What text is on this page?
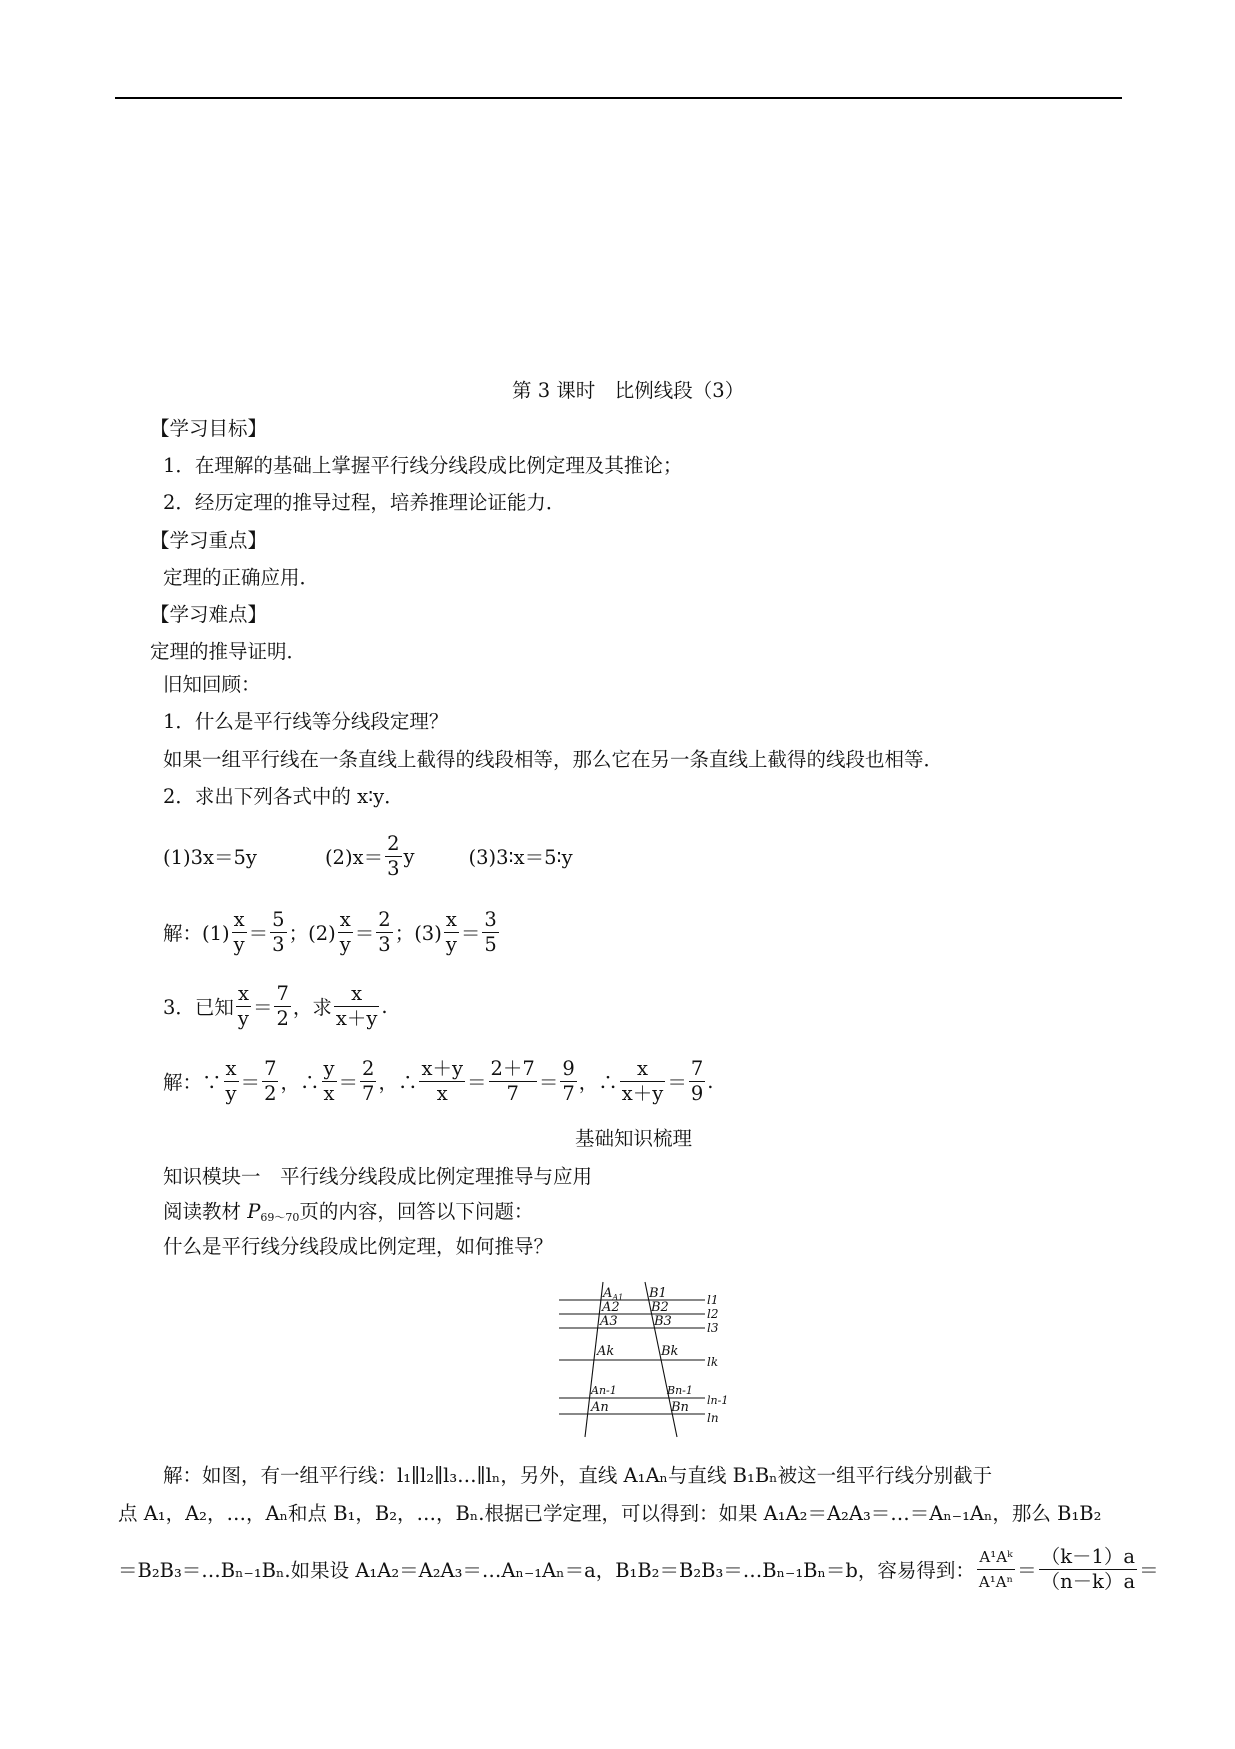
第 3 课时　比例线段（3）
【学习目标】
1．在理解的基础上掌握平行线分线段成比例定理及其推论；
2．经历定理的推导过程，培养推理论证能力．
【学习重点】
定理的正确应用．
【学习难点】
定理的推导证明．
旧知回顾：
1．什么是平行线等分线段定理？
如果一组平行线在一条直线上截得的线段相等，那么它在另一条直线上截得的线段也相等．
2．求出下列各式中的 x∶y．
(1)3x＝5y	$(2)x= \frac{2}{3}$ y	(3)3∶x＝5∶y
解：$(1) \frac{x}{y} = \frac{5}{3}$ ；$(2) \frac{x}{y} = \frac{2}{3}$ ；$(3) \frac{x}{y} = \frac{3}{5}$
3．已知 $\frac{x}{y} = \frac{7}{2}$ ，求 $\frac{x}{x+y}$ .
解：∵ $\frac{x}{y} = \frac{7}{2}$ ，∴ $\frac{y}{x} = \frac{2}{7}$ ，∴ $\frac{x+y}{x} = \frac{2+7}{7} = \frac{9}{7}$ ，∴ $\frac{x}{x+y} = \frac{7}{9}$ .
基础知识梳理
知识模块一　平行线分线段成比例定理推导与应用
阅读教材 $P_{69\sim 70}$页的内容，回答以下问题：
什么是平行线分线段成比例定理，如何推导？
$A_{A1}$
A2
A3
Ak
An-1
An
B1
B2
B3
Bk
Bn-1
Bn
l1
l2
l3
lk
ln-1
ln
解：如图，有一组平行线：l₁∥l₂∥l₃…∥lₙ，另外，直线 A₁Aₙ与直线 B₁Bₙ被这一组平行线分别截于
点 A₁，A₂，…，Aₙ和点 B₁，B₂，…，Bₙ.根据已学定理，可以得到：如果 A₁A₂＝A₂A₃＝…＝Aₙ₋₁Aₙ，那么 B₁B₂
＝B₂B₃＝…Bₙ₋₁Bₙ.如果设 A₁A₂＝A₂A₃＝…Aₙ₋₁Aₙ＝a，B₁B₂＝B₂B₃＝…Bₙ₋₁Bₙ＝b，容易得到： $\frac{\text{A¹Aᵏ}}{\text{A¹Aⁿ}} = \frac{(k-1)a}{(n-k)a}$ ＝
